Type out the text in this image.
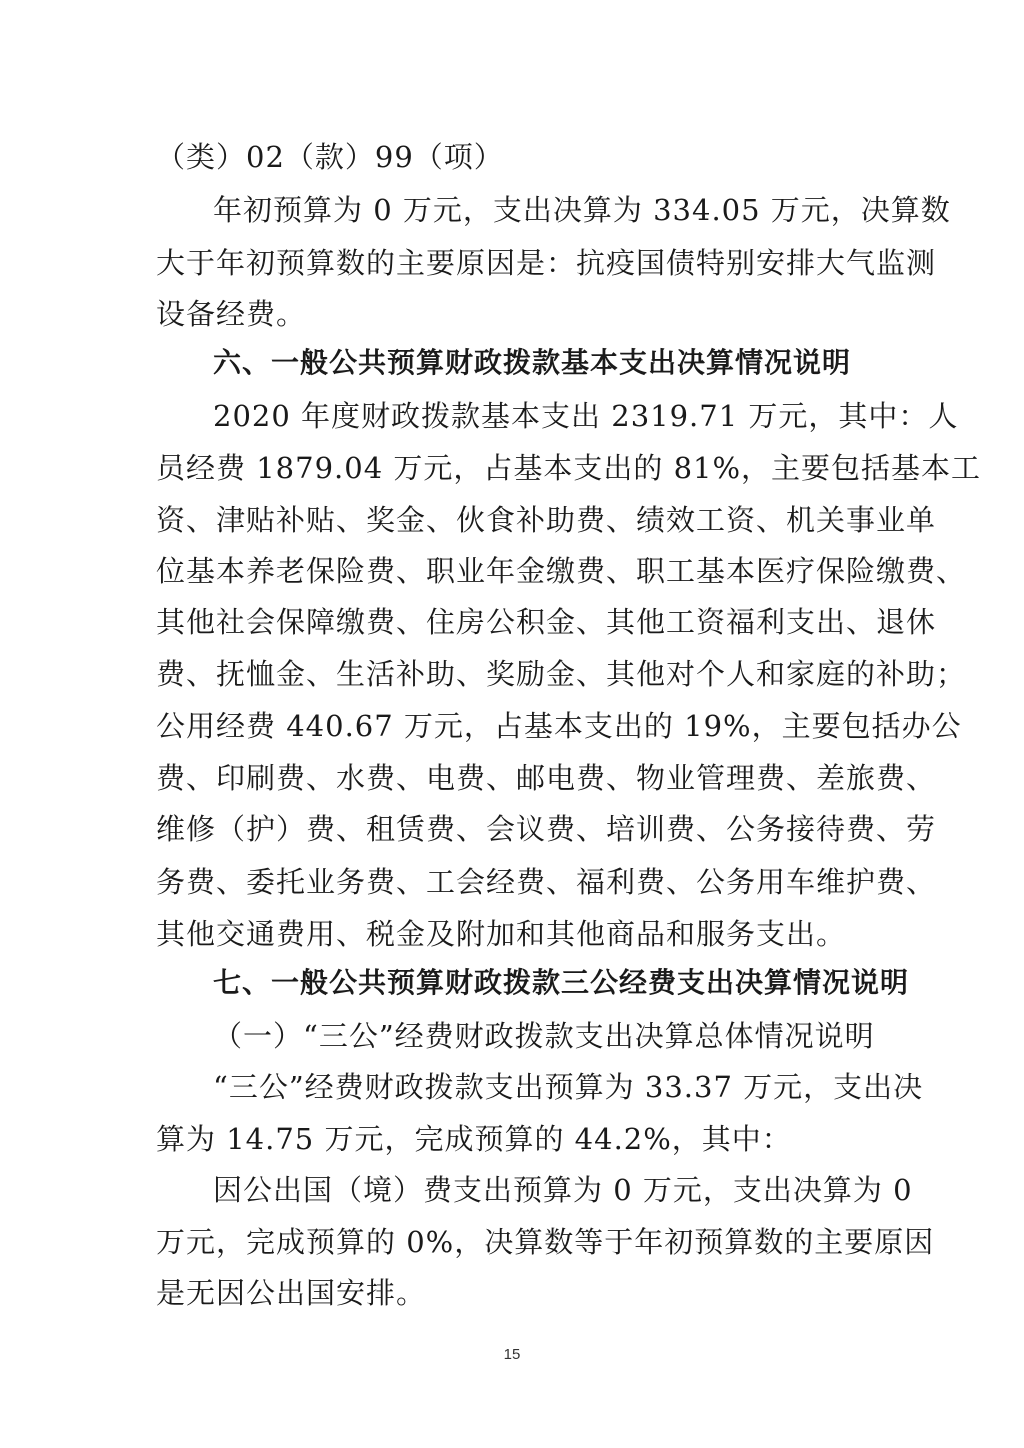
（类）02（款）99（项）
年初预算为 0 万元，支出决算为 334.05 万元，决算数
大于年初预算数的主要原因是：抗疫国债特别安排大气监测
设备经费。
六、一般公共预算财政拨款基本支出决算情况说明
2020 年度财政拨款基本支出 2319.71 万元，其中：人
员经费 1879.04 万元，占基本支出的 81%，主要包括基本工
资、津贴补贴、奖金、伙食补助费、绩效工资、机关事业单
位基本养老保险费、职业年金缴费、职工基本医疗保险缴费、
其他社会保障缴费、住房公积金、其他工资福利支出、退休
费、抚恤金、生活补助、奖励金、其他对个人和家庭的补助；
公用经费 440.67 万元，占基本支出的 19%，主要包括办公
费、印刷费、水费、电费、邮电费、物业管理费、差旅费、
维修（护）费、租赁费、会议费、培训费、公务接待费、劳
务费、委托业务费、工会经费、福利费、公务用车维护费、
其他交通费用、税金及附加和其他商品和服务支出。
七、一般公共预算财政拨款三公经费支出决算情况说明
（一）“三公”经费财政拨款支出决算总体情况说明
“三公”经费财政拨款支出预算为 33.37 万元，支出决
算为 14.75 万元，完成预算的 44.2%，其中：
因公出国（境）费支出预算为 0 万元，支出决算为 0
万元，完成预算的 0%，决算数等于年初预算数的主要原因
是无因公出国安排。
15
